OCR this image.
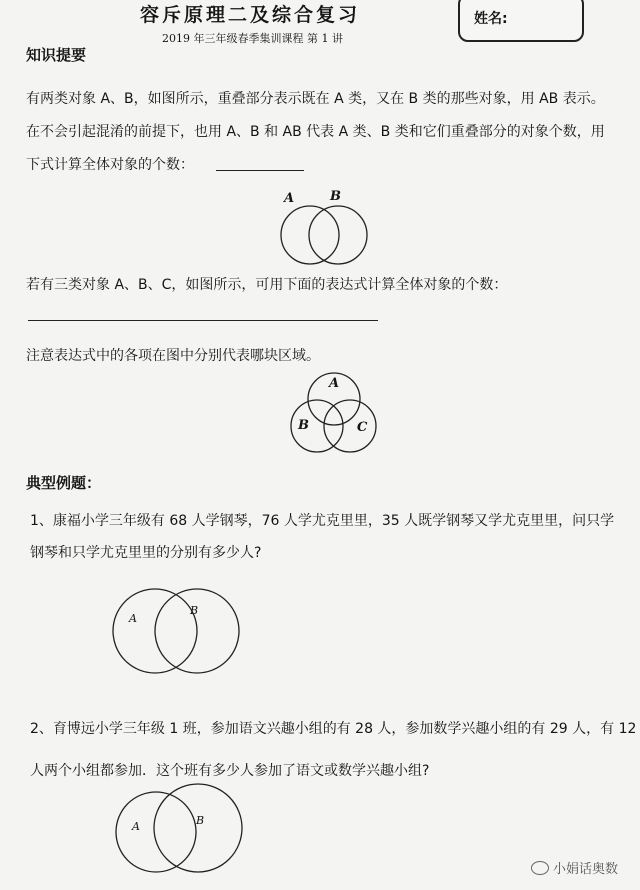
容斥原理二及综合复习
2019 年三年级春季集训课程 第 1 讲
姓名:
知识提要
有两类对象 A、B，如图所示，重叠部分表示既在 A 类，又在 B 类的那些对象，用 AB 表示。
在不会引起混淆的前提下，也用 A、B 和 AB 代表 A 类、B 类和它们重叠部分的对象个数，用
下式计算全体对象的个数：
A	B
若有三类对象 A、B、C，如图所示，可用下面的表达式计算全体对象的个数：
注意表达式中的各项在图中分别代表哪块区域。
A
B	C
典型例题：
1、康福小学三年级有 68 人学钢琴，76 人学尤克里里，35 人既学钢琴又学尤克里里，问只学
钢琴和只学尤克里里的分别有多少人?
A
B
2、育博远小学三年级 1 班，参加语文兴趣小组的有 28 人，参加数学兴趣小组的有 29 人，有 12
人两个小组都参加．这个班有多少人参加了语文或数学兴趣小组?
A	B
小娟话奥数
